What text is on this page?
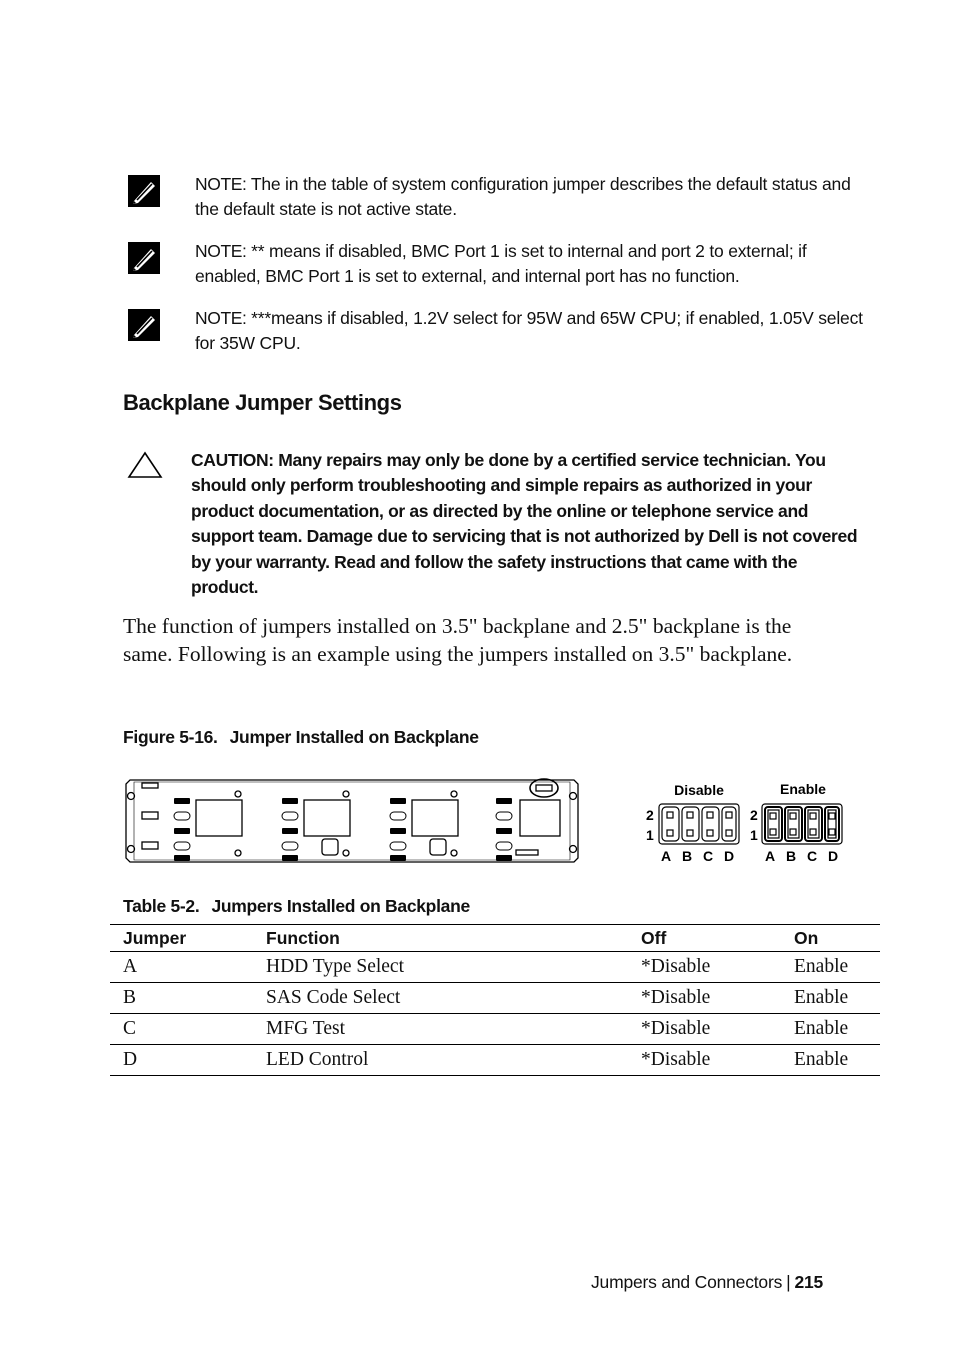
NOTE: The in the table of system configuration jumper describes the default status and the default state is not active state.
NOTE: ** means if disabled, BMC Port 1 is set to internal and port 2 to external; if enabled, BMC Port 1 is set to external, and internal port has no function.
NOTE: ***means if disabled, 1.2V select for 95W and 65W CPU; if enabled, 1.05V select for 35W CPU.
Backplane Jumper Settings
CAUTION: Many repairs may only be done by a certified service technician. You should only perform troubleshooting and simple repairs as authorized in your product documentation, or as directed by the online or telephone service and support team. Damage due to servicing that is not authorized by Dell is not covered by your warranty. Read and follow the safety instructions that came with the product.
The function of jumpers installed on 3.5" backplane and 2.5" backplane is the same. Following is an example using the jumpers installed on 3.5" backplane.
Figure 5-16. Jumper Installed on Backplane
Disable	Enable
2
1
2
1
A B C D A B C D
Table 5-2. Jumpers Installed on Backplane
Jumper	Function	Off	On
A	HDD Type Select	*Disable	Enable
B	SAS Code Select	*Disable	Enable
C	MFG Test	*Disable	Enable
D	LED Control	*Disable	Enable
Jumpers and Connectors | 215
